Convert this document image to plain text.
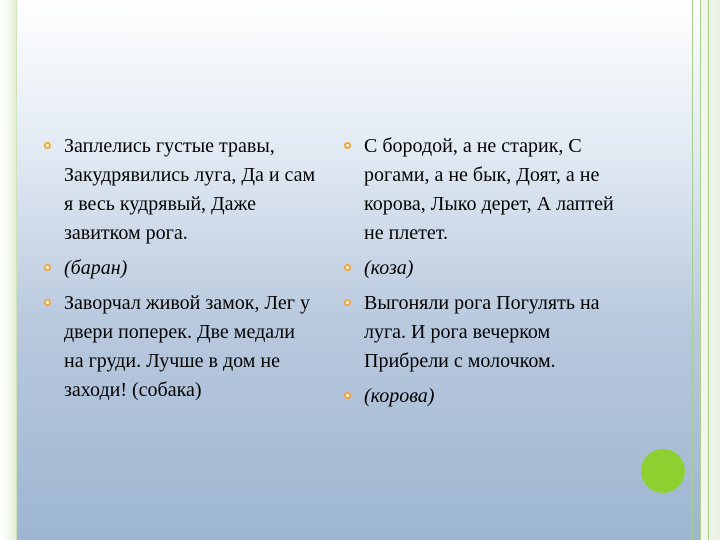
Заплелись густые травы, Закудрявились луга, Да и сам я весь кудрявый, Даже завитком рога.
(баран)
Заворчал живой замок, Лег у двери поперек. Две медали на груди. Лучше в дом не заходи! (собака)
С бородой, а не старик, С рогами, а не бык, Доят, а не корова, Лыко дерет, А лаптей не плетет.
(коза)
Выгоняли рога Погулять на луга. И рога вечерком Прибрели с молочком.
(корова)
